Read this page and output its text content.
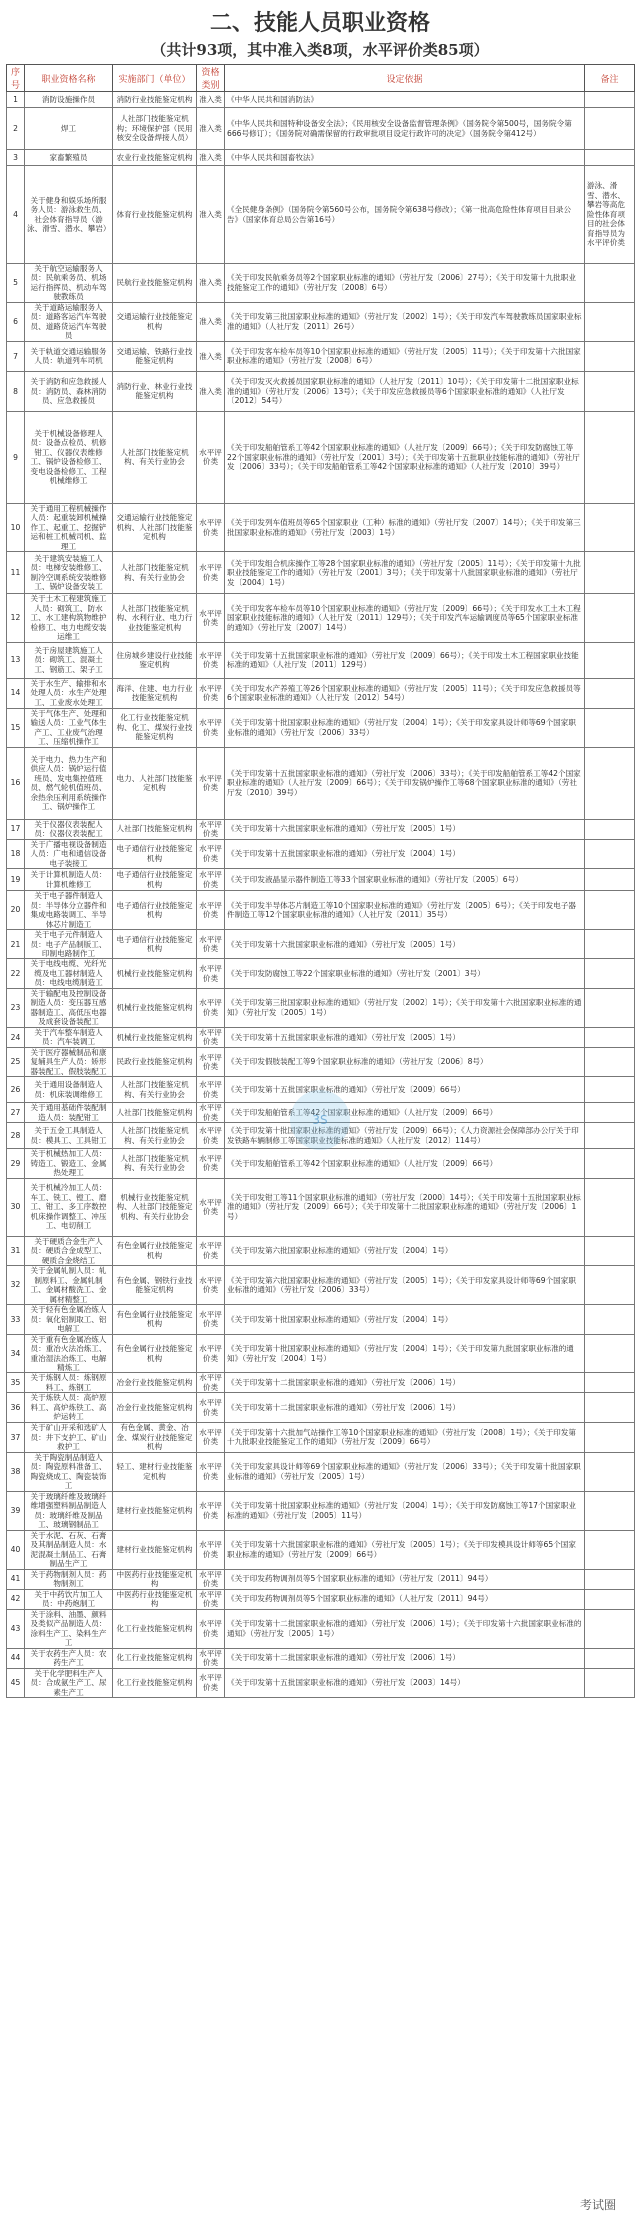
二、技能人员职业资格
（共计93项，其中准入类8项，水平评价类85项）
序号	职业资格名称	实施部门（单位）	资格类别	设定依据	备注
1	消防设施操作员	消防行业技能鉴定机构	准入类	《中华人民共和国消防法》	
2	焊工	人社部门技能鉴定机构；环境保护部（民用核安全设备焊接人员）	准入类	《中华人民共和国特种设备安全法》；《民用核安全设备监督管理条例》（国务院令第500号，国务院令第666号修订）；《国务院对确需保留的行政审批项目设定行政许可的决定》（国务院令第412号）	
3	家畜繁殖员	农业行业技能鉴定机构	准入类	《中华人民共和国畜牧法》	
4	关于健身和娱乐场所服务人员：游泳救生员、社会体育指导员（游泳、滑雪、潜水、攀岩）	体育行业技能鉴定机构	准入类	《全民健身条例》（国务院令第560号公布，国务院令第638号修改）；《第一批高危险性体育项目目录公告》（国家体育总局公告第16号）	游泳、滑雪、潜水、攀岩等高危险性体育项目的社会体育指导员为水平评价类
5	关于航空运输服务人员：民航乘务员、机场运行指挥员、机动车驾驶教练员	民航行业技能鉴定机构	准入类	《关于印发民航乘务员等2个国家职业标准的通知》（劳社厅发〔2006〕27号）；《关于印发第十九批职业技能鉴定工作的通知》（劳社厅发〔2008〕6号）	
6	关于道路运输服务人员：道路客运汽车驾驶员、道路货运汽车驾驶员	交通运输行业技能鉴定机构	准入类	《关于印发第三批国家职业标准的通知》（劳社厅发〔2002〕1号）；《关于印发汽车驾驶教练员国家职业标准的通知》（人社厅发〔2011〕26号）	
7	关于轨道交通运输服务人员：轨道列车司机	交通运输、铁路行业技能鉴定机构	准入类	《关于印发客车检车员等10个国家职业标准的通知》（劳社厅发〔2005〕11号）；《关于印发第十六批国家职业标准的通知》（劳社厅发〔2008〕6号）	
8	关于消防和应急救援人员：消防员、森林消防员、应急救援员	消防行业、林业行业技能鉴定机构	准入类	《关于印发灭火救援员国家职业标准的通知》（人社厅发〔2011〕10号）；《关于印发第十二批国家职业标准的通知》（劳社厅发〔2006〕13号）；《关于印发应急救援员等6个国家职业标准的通知》（人社厅发〔2012〕54号）	
9	关于机械设备修理人员：设备点检员、机修钳工、仪器仪表维修工、锅炉设备检修工、变电设备检修工、工程机械维修工	人社部门技能鉴定机构、有关行业协会	水平评价类	《关于印发船舶管系工等42个国家职业标准的通知》（人社厅发〔2009〕66号）；《关于印发防腐蚀工等22个国家职业标准的通知》（劳社厅发〔2001〕3号）；《关于印发第十五批职业技能标准的通知》（劳社厅发〔2006〕33号）；《关于印发船舶管系工等42个国家职业标准的通知》（人社厅发〔2010〕39号）	
10	关于通用工程机械操作人员：起重装卸机械操作工、起重工、挖掘铲运和桩工机械司机、监理工	交通运输行业技能鉴定机构、人社部门技能鉴定机构	水平评价类	《关于印发列车值班员等65个国家职业（工种）标准的通知》（劳社厅发〔2007〕14号）；《关于印发第三批国家职业标准的通知》（劳社厅发〔2003〕1号）	
11	关于建筑安装施工人员：电梯安装维修工、制冷空调系统安装维修工、锅炉设备安装工	人社部门技能鉴定机构、有关行业协会	水平评价类	《关于印发组合机床操作工等28个国家职业标准的通知》（劳社厅发〔2005〕11号）；《关于印发第十九批职业技能鉴定工作的通知》（劳社厅发〔2001〕3号）；《关于印发第十八批国家职业标准的通知》（劳社厅发〔2004〕1号）	
12	关于土木工程建筑施工人员：砌筑工、防水工、水工建构筑物维护检修工、电力电缆安装运维工	人社部门技能鉴定机构、水利行业、电力行业技能鉴定机构	水平评价类	《关于印发客车检车员等10个国家职业标准的通知》（劳社厅发〔2009〕66号）；《关于印发水工土木工程国家职业技能标准的通知》（人社厅发〔2011〕129号）；《关于印发汽车运输调度员等65个国家职业标准的通知》（劳社厅发〔2007〕14号）	
13	关于房屋建筑施工人员：砌筑工、混凝土工、钢筋工、架子工	住房城乡建设行业技能鉴定机构	水平评价类	《关于印发第十五批国家职业标准的通知》（劳社厅发〔2009〕66号）；《关于印发土木工程国家职业技能标准的通知》（人社厅发〔2011〕129号）	
14	关于水生产、输排和水处理人员：水生产处理工、工业废水处理工	海洋、住建、电力行业技能鉴定机构	水平评价类	《关于印发水产养殖工等26个国家职业标准的通知》（劳社厅发〔2005〕11号）；《关于印发应急救援员等6个国家职业标准的通知》（人社厅发〔2012〕54号）	
15	关于气体生产、处理和输送人员：工业气体生产工、工业废气治理工、压缩机操作工	化工行业技能鉴定机构、化工、煤炭行业技能鉴定机构	水平评价类	《关于印发第十批国家职业标准的通知》（劳社厅发〔2004〕1号）；《关于印发家具设计师等69个国家职业标准的通知》（劳社厅发〔2006〕33号）	
16	关于电力、热力生产和供应人员：锅炉运行值班员、发电集控值班员、燃气轮机值班员、余热余压利用系统操作工、锅炉操作工	电力、人社部门技能鉴定机构	水平评价类	《关于印发第十五批国家职业标准的通知》（劳社厅发〔2006〕33号）；《关于印发船舶管系工等42个国家职业标准的通知》（人社厅发〔2009〕66号）；《关于印发锅炉操作工等68个国家职业标准的通知》（劳社厅发〔2010〕39号）	
17	关于仪器仪表装配人员：仪器仪表装配工	人社部门技能鉴定机构	水平评价类	《关于印发第十六批国家职业标准的通知》（劳社厅发〔2005〕1号）	
18	关于广播电视设备制造人员：广电和通信设备电子装接工	电子通信行业技能鉴定机构	水平评价类	《关于印发第十五批国家职业标准的通知》（劳社厅发〔2004〕1号）	
19	关于计算机制造人员：计算机维修工	电子通信行业技能鉴定机构	水平评价类	《关于印发液晶显示器件制造工等33个国家职业标准的通知》（劳社厅发〔2005〕6号）	
20	关于电子器件制造人员：半导体分立器件和集成电路装调工、半导体芯片制造工	电子通信行业技能鉴定机构	水平评价类	《关于印发半导体芯片制造工等10个国家职业标准的通知》（劳社厅发〔2005〕6号）；《关于印发电子器件制造工等12个国家职业标准的通知》（人社厅发〔2011〕35号）	
21	关于电子元件制造人员：电子产品制版工、印制电路制作工	电子通信行业技能鉴定机构	水平评价类	《关于印发第十六批国家职业标准的通知》（劳社厅发〔2005〕1号）	
22	关于电线电缆、光纤光缆及电工器材制造人员：电线电缆制造工	机械行业技能鉴定机构	水平评价类	《关于印发防腐蚀工等22个国家职业标准的通知》（劳社厅发〔2001〕3号）	
23	关于输配电及控制设备制造人员：变压器互感器制造工、高低压电器及成套设备装配工	机械行业技能鉴定机构	水平评价类	《关于印发第三批国家职业标准的通知》（劳社厅发〔2002〕1号）；《关于印发第十六批国家职业标准的通知》（劳社厅发〔2005〕1号）	
24	关于汽车整车制造人员：汽车装调工	机械行业技能鉴定机构	水平评价类	《关于印发第十五批国家职业标准的通知》（劳社厅发〔2005〕1号）	
25	关于医疗器械制品和康复辅具生产人员：矫形器装配工、假肢装配工	民政行业技能鉴定机构	水平评价类	《关于印发假肢装配工等9个国家职业标准的通知》（劳社厅发〔2006〕8号）	
26	关于通用设备制造人员：机床装调维修工	人社部门技能鉴定机构、有关行业协会	水平评价类	《关于印发第十五批国家职业标准的通知》（劳社厅发〔2009〕66号）	
27	关于通用基础件装配制造人员：装配钳工	人社部门技能鉴定机构	水平评价类	《关于印发船舶管系工等42个国家职业标准的通知》（人社厅发〔2009〕66号）	
28	关于五金工具制造人员：模具工、工具钳工	人社部门技能鉴定机构、有关行业协会	水平评价类	《关于印发第十批国家职业标准的通知》（劳社厅发〔2009〕66号）；《人力资源社会保障部办公厅关于印发铁路车辆制修工等国家职业技能标准的通知》（人社厅发〔2012〕114号）	
29	关于机械热加工人员：铸造工、锻造工、金属热处理工	人社部门技能鉴定机构、有关行业协会	水平评价类	《关于印发船舶管系工等42个国家职业标准的通知》（人社厅发〔2009〕66号）	
30	关于机械冷加工人员：车工、铣工、镗工、磨工、钳工、多工序数控机床操作调整工、冲压工、电切削工	机械行业技能鉴定机构、人社部门技能鉴定机构、有关行业协会	水平评价类	《关于印发钳工等11个国家职业标准的通知》（劳社厅发〔2000〕14号）；《关于印发第十五批国家职业标准的通知》（劳社厅发〔2009〕66号）；《关于印发第十二批国家职业标准的通知》（劳社厅发〔2006〕1号）	
31	关于硬质合金生产人员：硬质合金成型工、硬质合金烧结工	有色金属行业技能鉴定机构	水平评价类	《关于印发第六批国家职业标准的通知》（劳社厅发〔2004〕1号）	
32	关于金属轧制人员：轧制原料工、金属轧制工、金属材酸洗工、金属材精整工	有色金属、钢铁行业技能鉴定机构	水平评价类	《关于印发第六批国家职业标准的通知》（劳社厅发〔2005〕1号）；《关于印发家具设计师等69个国家职业标准的通知》（劳社厅发〔2006〕33号）	
33	关于轻有色金属冶炼人员：氧化铝制取工、铝电解工	有色金属行业技能鉴定机构	水平评价类	《关于印发第十批国家职业标准的通知》（劳社厅发〔2004〕1号）	
34	关于重有色金属冶炼人员：重冶火法冶炼工、重冶湿法冶炼工、电解精炼工	有色金属行业技能鉴定机构	水平评价类	《关于印发第十批国家职业标准的通知》（劳社厅发〔2004〕1号）；《关于印发第九批国家职业标准的通知》（劳社厅发〔2004〕1号）	
35	关于炼钢人员：炼钢原料工、炼钢工	冶金行业技能鉴定机构	水平评价类	《关于印发第十二批国家职业标准的通知》（劳社厅发〔2006〕1号）	
36	关于炼铁人员：高炉原料工、高炉炼铁工、高炉运转工	冶金行业技能鉴定机构	水平评价类	《关于印发第十二批国家职业标准的通知》（劳社厅发〔2006〕1号）	
37	关于矿山开采和选矿人员：井下支护工、矿山救护工	有色金属、黄金、冶金、煤炭行业技能鉴定机构	水平评价类	《关于印发第十六批加气站操作工等10个国家职业标准的通知》（劳社厅发〔2008〕1号）；《关于印发第十九批职业技能鉴定工作的通知》（劳社厅发〔2009〕66号）	
38	关于陶瓷制品制造人员：陶瓷原料准备工、陶瓷烧成工、陶瓷装饰工	轻工、建材行业技能鉴定机构	水平评价类	《关于印发家具设计师等69个国家职业标准的通知》（劳社厅发〔2006〕33号）；《关于印发第十批国家职业标准的通知》（劳社厅发〔2005〕1号）	
39	关于玻璃纤维及玻璃纤维增强塑料制品制造人员：玻璃纤维及制品工、玻璃钢制品工	建材行业技能鉴定机构	水平评价类	《关于印发第十批国家职业标准的通知》（劳社厅发〔2004〕1号）；《关于印发防腐蚀工等17个国家职业标准的通知》（劳社厅发〔2005〕11号）	
40	关于水泥、石灰、石膏及其制品制造人员：水泥混凝土制品工、石膏制品生产工	建材行业技能鉴定机构	水平评价类	《关于印发第十六批国家职业标准的通知》（劳社厅发〔2005〕1号）；《关于印发模具设计师等65个国家职业标准的通知》（劳社厅发〔2009〕66号）	
41	关于药物制剂人员：药物制剂工	中医药行业技能鉴定机构	水平评价类	《关于印发药物调剂员等5个国家职业标准的通知》（劳社厅发〔2011〕94号）	
42	关于中药饮片加工人员：中药炮制工	中医药行业技能鉴定机构	水平评价类	《关于印发药物调剂员等5个国家职业标准的通知》（人社厅发〔2011〕94号）	
43	关于涂料、油墨、颜料及类似产品制造人员：涂料生产工、染料生产工	化工行业技能鉴定机构	水平评价类	《关于印发第十二批国家职业标准的通知》（劳社厅发〔2006〕1号）；《关于印发第十六批国家职业标准的通知》（劳社厅发〔2005〕1号）	
44	关于农药生产人员：农药生产工	化工行业技能鉴定机构	水平评价类	《关于印发第十二批国家职业标准的通知》（劳社厅发〔2006〕1号）	
45	关于化学肥料生产人员：合成氨生产工、尿素生产工	化工行业技能鉴定机构	水平评价类	《关于印发第十五批国家职业标准的通知》（劳社厅发〔2003〕14号）	
3S
考试圈
